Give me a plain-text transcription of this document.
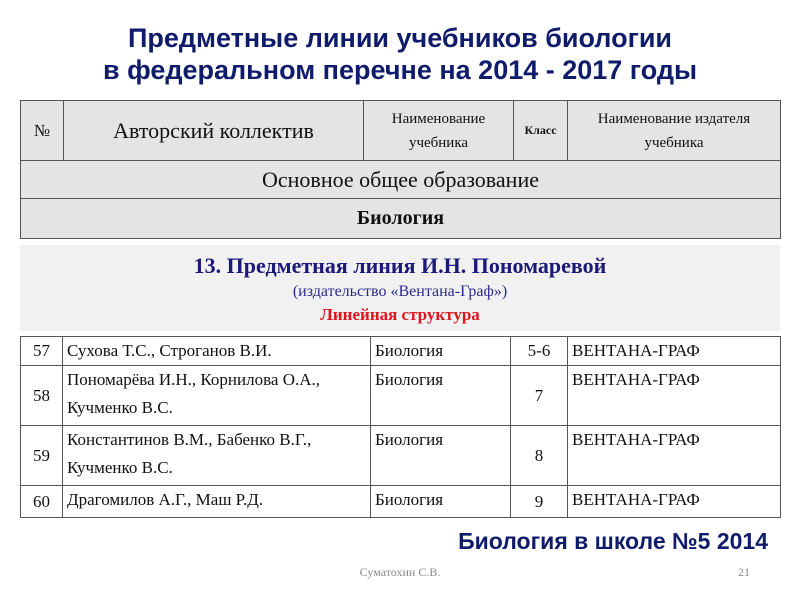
Предметные линии учебников биологии
в федеральном перечне на 2014 - 2017 годы
№	Авторский коллектив	Наименование учебника	Класс	Наименование издателя учебника
Основное общее образование
Биология
13. Предметная линия И.Н. Пономаревой
(издательство «Вентана-Граф»)
Линейная структура
57	Сухова Т.С., Строганов В.И.	Биология	5-6	ВЕНТАНА-ГРАФ
58	Пономарёва И.Н., Корнилова О.А., Кучменко В.С.	Биология	7	ВЕНТАНА-ГРАФ
59	Константинов В.М., Бабенко В.Г., Кучменко В.С.	Биология	8	ВЕНТАНА-ГРАФ
60	Драгомилов А.Г., Маш Р.Д.	Биология	9	ВЕНТАНА-ГРАФ
Биология в школе №5 2014
Суматохин С.В.	21
